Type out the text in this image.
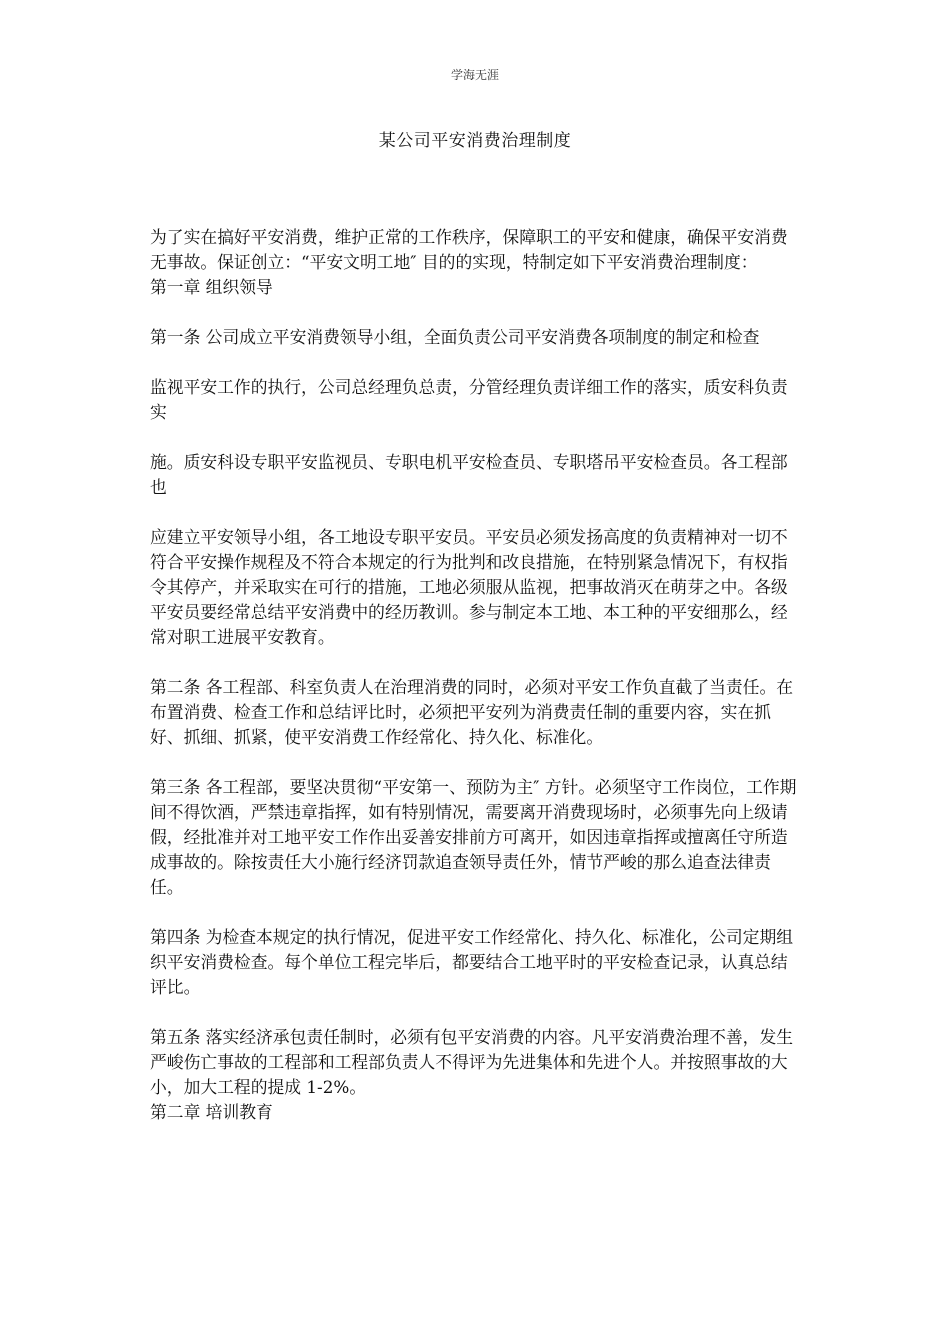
学海无涯
某公司平安消费治理制度

为了实在搞好平安消费，维护正常的工作秩序，保障职工的平安和健康，确保平安消费无事故。保证创立：“平安文明工地″ 目的的实现，特制定如下平安消费治理制度：

第一章 组织领导

第一条 公司成立平安消费领导小组，全面负责公司平安消费各项制度的制定和检查

监视平安工作的执行，公司总经理负总责，分管经理负责详细工作的落实，质安科负责实

施。质安科设专职平安监视员、专职电机平安检查员、专职塔吊平安检查员。各工程部也

应建立平安领导小组，各工地设专职平安员。平安员必须发扬高度的负责精神对一切不符合平安操作规程及不符合本规定的行为批判和改良措施，在特别紧急情况下，有权指令其停产，并采取实在可行的措施，工地必须服从监视，把事故消灭在萌芽之中。各级平安员要经常总结平安消费中的经历教训。参与制定本工地、本工种的平安细那么，经常对职工进展平安教育。

第二条 各工程部、科室负责人在治理消费的同时，必须对平安工作负直截了当责任。在布置消费、检查工作和总结评比时，必须把平安列为消费责任制的重要内容，实在抓好、抓细、抓紧，使平安消费工作经常化、持久化、标准化。

第三条 各工程部，要坚决贯彻“平安第一、预防为主″ 方针。必须坚守工作岗位，工作期间不得饮酒，严禁违章指挥，如有特别情况，需要离开消费现场时，必须事先向上级请假，经批准并对工地平安工作作出妥善安排前方可离开，如因违章指挥或擅离任守所造成事故的。除按责任大小施行经济罚款追查领导责任外，情节严峻的那么追查法律责任。

第四条 为检查本规定的执行情况，促进平安工作经常化、持久化、标准化，公司定期组织平安消费检查。每个单位工程完毕后，都要结合工地平时的平安检查记录，认真总结评比。

第五条 落实经济承包责任制时，必须有包平安消费的内容。凡平安消费治理不善，发生严峻伤亡事故的工程部和工程部负责人不得评为先进集体和先进个人。并按照事故的大小，加大工程的提成 1-2%。

第二章 培训教育
